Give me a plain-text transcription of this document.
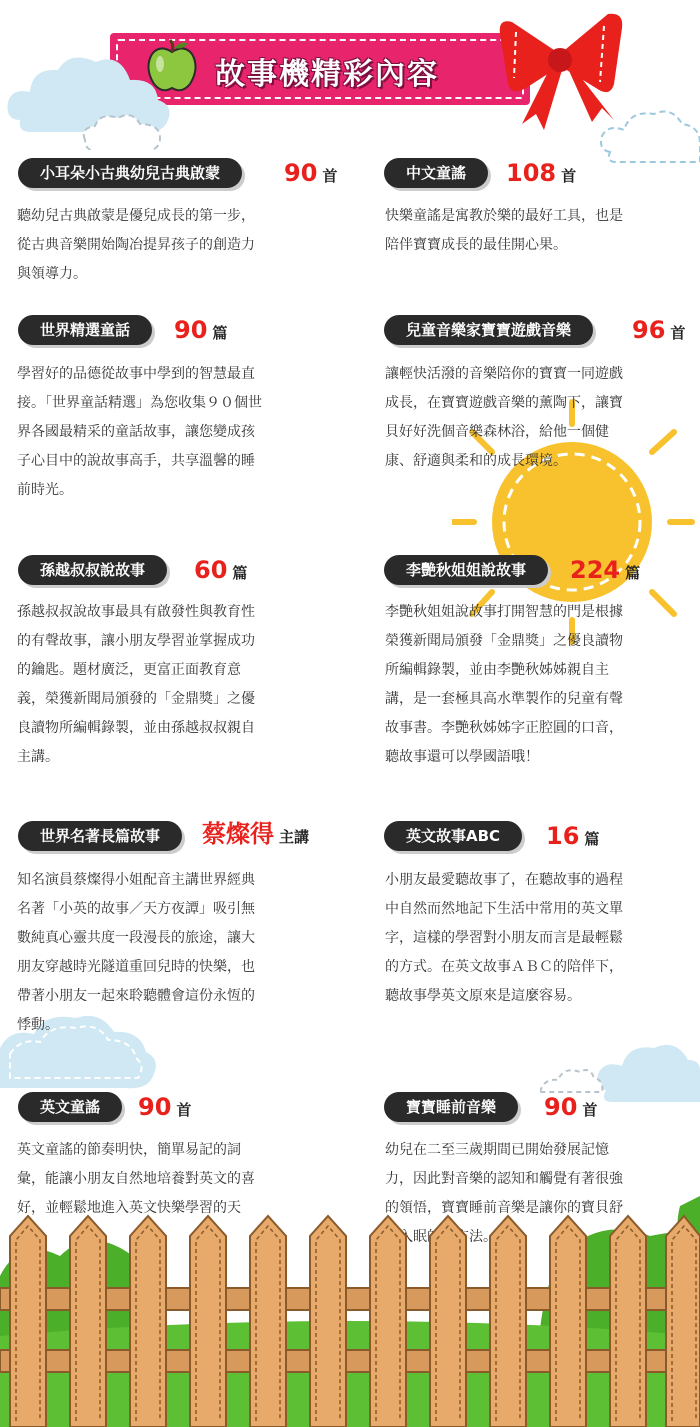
故事機精彩內容
小耳朵小古典幼兒古典啟蒙	90 首
聽幼兒古典啟蒙是優兒成長的第一步，從古典音樂開始陶冶提昇孩子的創造力與領導力。
中文童謠	108 首
快樂童謠是寓教於樂的最好工具，也是陪伴寶寶成長的最佳開心果。
世界精選童話	90 篇
學習好的品德從故事中學到的智慧最直接。「世界童話精選」為您收集９０個世界各國最精采的童話故事，讓您變成孩子心目中的說故事高手，共享溫馨的睡前時光。
兒童音樂家寶寶遊戲音樂	96 首
讓輕快活潑的音樂陪你的寶寶一同遊戲成長，在寶寶遊戲音樂的薰陶下，讓寶貝好好洗個音樂森林浴，給他一個健康、舒適與柔和的成長環境。
孫越叔叔說故事	60 篇
孫越叔叔說故事最具有啟發性與教育性的有聲故事，讓小朋友學習並掌握成功的鑰匙。題材廣泛，更富正面教育意義，榮獲新聞局頒發的「金鼎獎」之優良讀物所編輯錄製，並由孫越叔叔親自主講。
李艷秋姐姐說故事	224 篇
李艷秋姐姐說故事打開智慧的門是根據榮獲新聞局頒發「金鼎獎」之優良讀物所編輯錄製，並由李艷秋姊姊親自主講，是一套極具高水準製作的兒童有聲故事書。李艷秋姊姊字正腔圓的口音，聽故事還可以學國語哦！
世界名著長篇故事	蔡燦得 主講
知名演員蔡燦得小姐配音主講世界經典名著「小英的故事／天方夜譚」吸引無數純真心靈共度一段漫長的旅途，讓大朋友穿越時光隧道重回兒時的快樂，也帶著小朋友一起來聆聽體會這份永恆的悸動。
英文故事ABC	16 篇
小朋友最愛聽故事了，在聽故事的過程中自然而然地記下生活中常用的英文單字，這樣的學習對小朋友而言是最輕鬆的方式。在英文故事ＡＢＣ的陪伴下，聽故事學英文原來是這麼容易。
英文童謠	90 首
英文童謠的節奏明快，簡單易記的詞彙，能讓小朋友自然地培養對英文的喜好，並輕鬆地進入英文快樂學習的天
寶寶睡前音樂	90 首
幼兒在二至三歲期間已開始發展記憶力，因此對音樂的認知和觸覺有著很強的領悟，寶寶睡前音樂是讓你的寶貝舒緩入眠的好方法。
